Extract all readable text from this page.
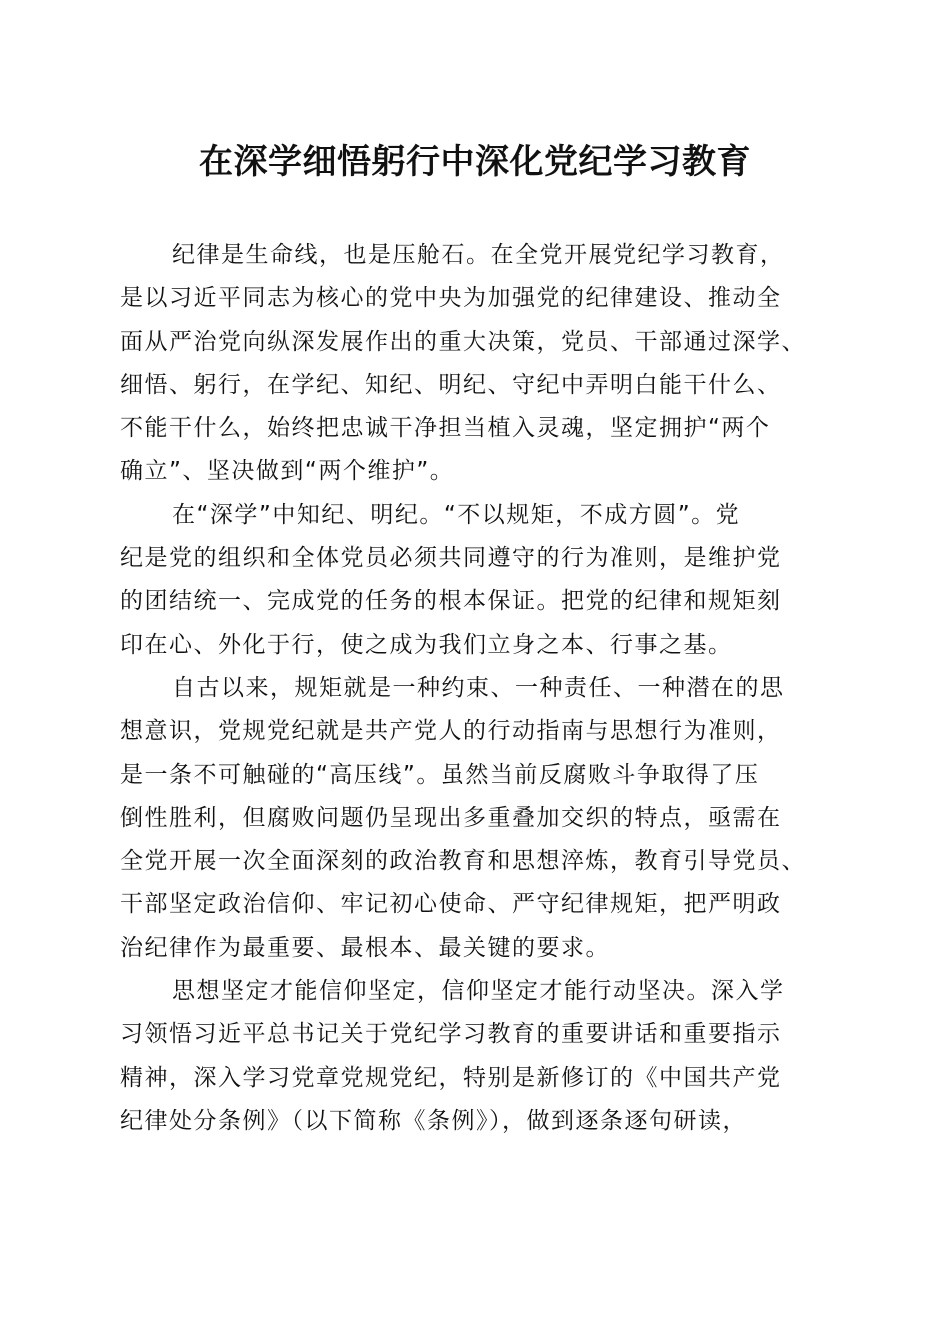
在深学细悟躬行中深化党纪学习教育

纪律是生命线，也是压舱石。在全党开展党纪学习教育，
是以习近平同志为核心的党中央为加强党的纪律建设、推动全
面从严治党向纵深发展作出的重大决策，党员、干部通过深学、
细悟、躬行，在学纪、知纪、明纪、守纪中弄明白能干什么、
不能干什么，始终把忠诚干净担当植入灵魂，坚定拥护“两个
确立”、坚决做到“两个维护”。

在“深学”中知纪、明纪。“不以规矩，不成方圆”。党
纪是党的组织和全体党员必须共同遵守的行为准则，是维护党
的团结统一、完成党的任务的根本保证。把党的纪律和规矩刻
印在心、外化于行，使之成为我们立身之本、行事之基。

自古以来，规矩就是一种约束、一种责任、一种潜在的思
想意识，党规党纪就是共产党人的行动指南与思想行为准则，
是一条不可触碰的“高压线”。虽然当前反腐败斗争取得了压
倒性胜利，但腐败问题仍呈现出多重叠加交织的特点，亟需在
全党开展一次全面深刻的政治教育和思想淬炼，教育引导党员、
干部坚定政治信仰、牢记初心使命、严守纪律规矩，把严明政
治纪律作为最重要、最根本、最关键的要求。

思想坚定才能信仰坚定，信仰坚定才能行动坚决。深入学
习领悟习近平总书记关于党纪学习教育的重要讲话和重要指示
精神，深入学习党章党规党纪，特别是新修订的《中国共产党
纪律处分条例》（以下简称《条例》），做到逐条逐句研读，
